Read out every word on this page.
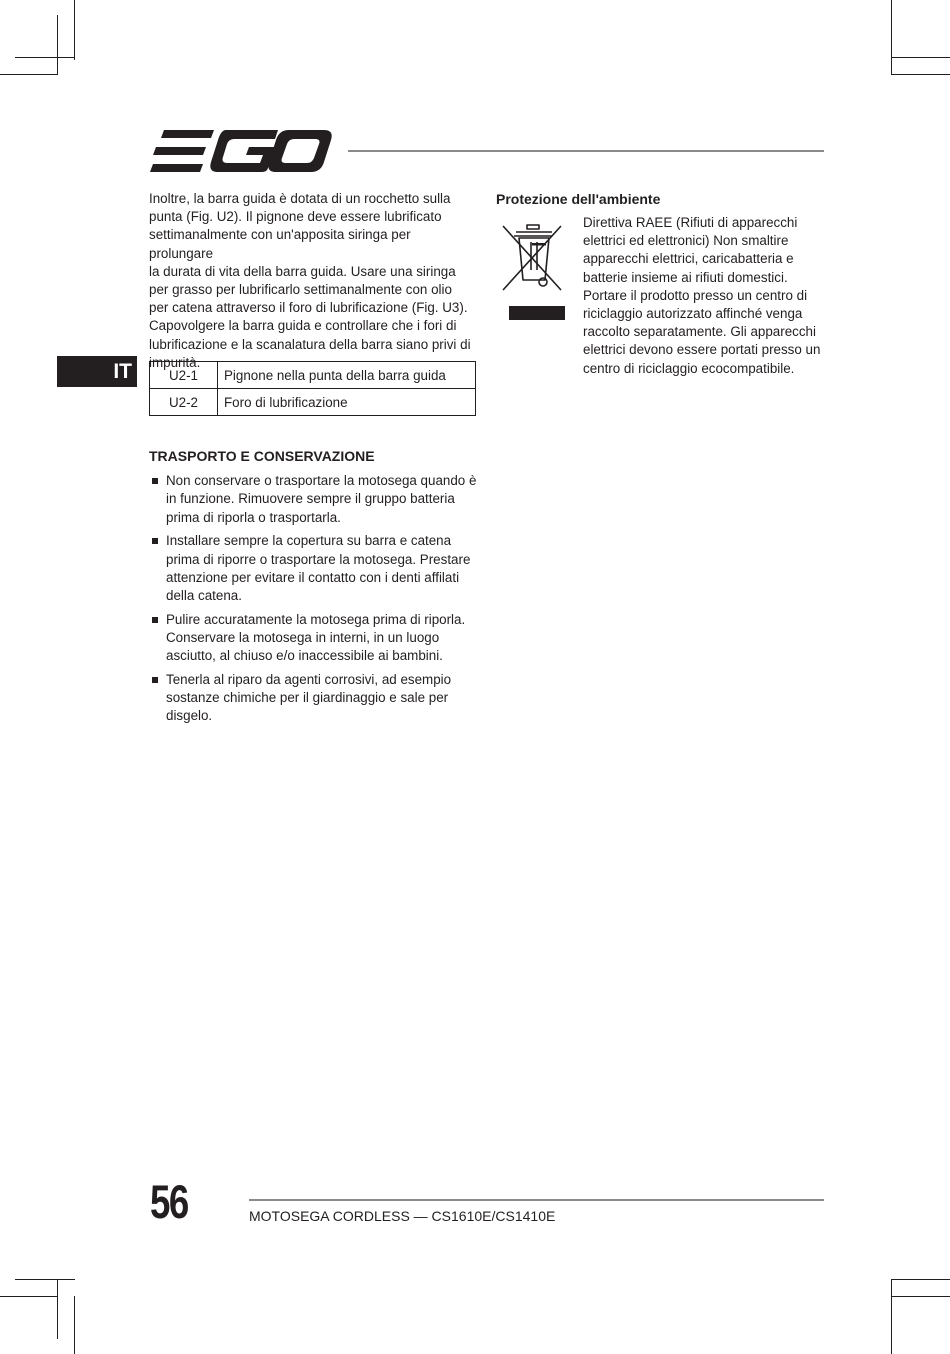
IT

Inoltre, la barra guida è dotata di un rocchetto sulla

punta (Fig. U2). Il pignone deve essere lubrificato

settimanalmente con un'apposita siringa per prolungare

la durata di vita della barra guida. Usare una siringa

per grasso per lubrificarlo settimanalmente con olio

per catena attraverso il foro di lubrificazione (Fig. U3).

Capovolgere la barra guida e controllare che i fori di

lubrificazione e la scanalatura della barra siano privi di

impurità.

U2-1	Pignone nella punta della barra guida
U2-2	Foro di lubrificazione
TRASPORTO E CONSERVAZIONE
Non conservare o trasportare la motosega quando è in funzione. Rimuovere sempre il gruppo batteria prima di riporla o trasportarla.
Installare sempre la copertura su barra e catena prima di riporre o trasportare la motosega. Prestare attenzione per evitare il contatto con i denti affilati della catena.
Pulire accuratamente la motosega prima di riporla. Conservare la motosega in interni, in un luogo asciutto, al chiuso e/o inaccessibile ai bambini.
Tenerla al riparo da agenti corrosivi, ad esempio sostanze chimiche per il giardinaggio e sale per disgelo.
Protezione dell'ambiente
Direttiva RAEE (Rifiuti di apparecchi
elettrici ed elettronici) Non smaltire
apparecchi elettrici, caricabatteria e
batterie insieme ai rifiuti domestici.
Portare il prodotto presso un centro di
riciclaggio autorizzato affinché venga
raccolto separatamente. Gli apparecchi
elettrici devono essere portati presso un
centro di riciclaggio ecocompatibile.
56	MOTOSEGA CORDLESS — CS1610E/CS1410E
